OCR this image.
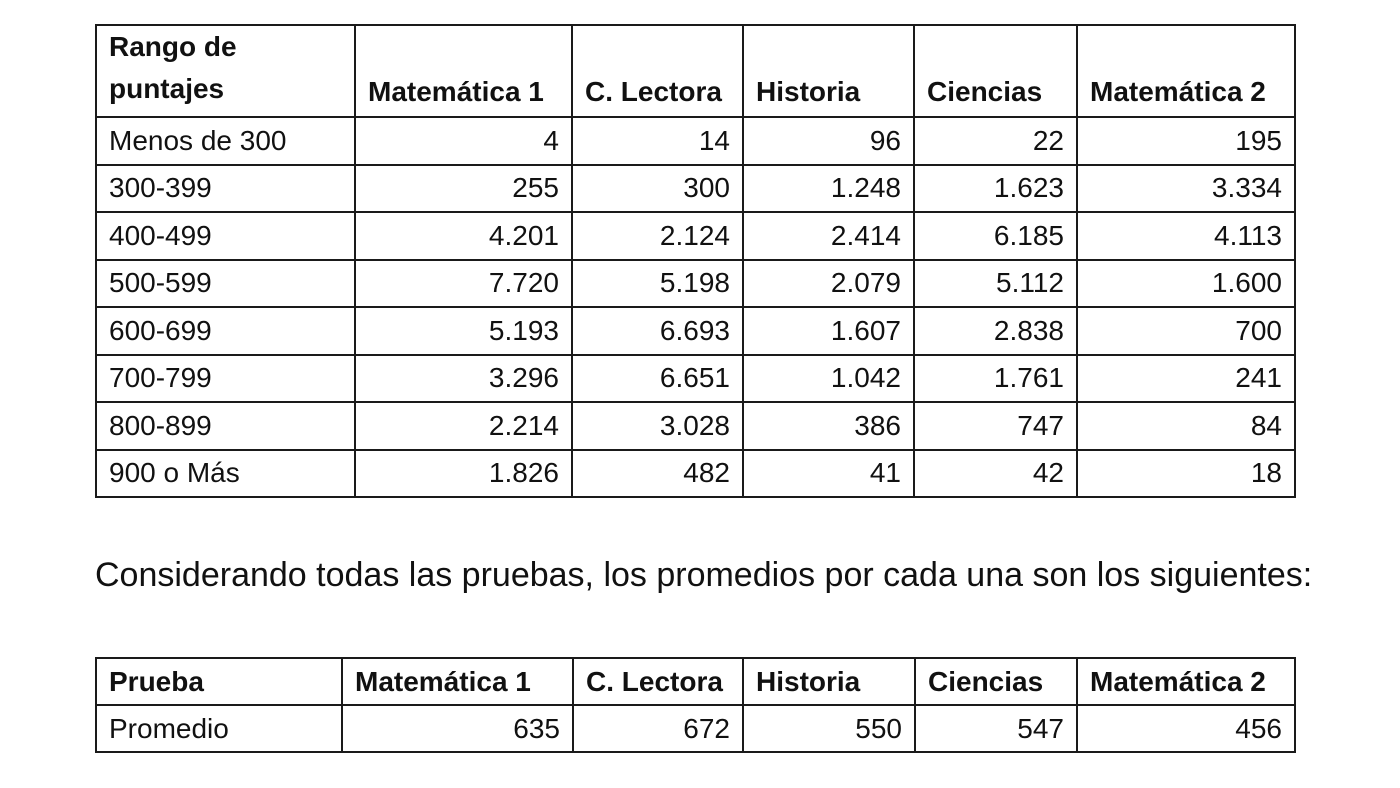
Rango de puntajes	Matemática 1	C. Lectora	Historia	Ciencias	Matemática 2
Menos de 300	4	14	96	22	195
300-399	255	300	1.248	1.623	3.334
400-499	4.201	2.124	2.414	6.185	4.113
500-599	7.720	5.198	2.079	5.112	1.600
600-699	5.193	6.693	1.607	2.838	700
700-799	3.296	6.651	1.042	1.761	241
800-899	2.214	3.028	386	747	84
900 o Más	1.826	482	41	42	18

Considerando todas las pruebas, los promedios por cada una son los siguientes:

Prueba	Matemática 1	C. Lectora	Historia	Ciencias	Matemática 2
Promedio	635	672	550	547	456
